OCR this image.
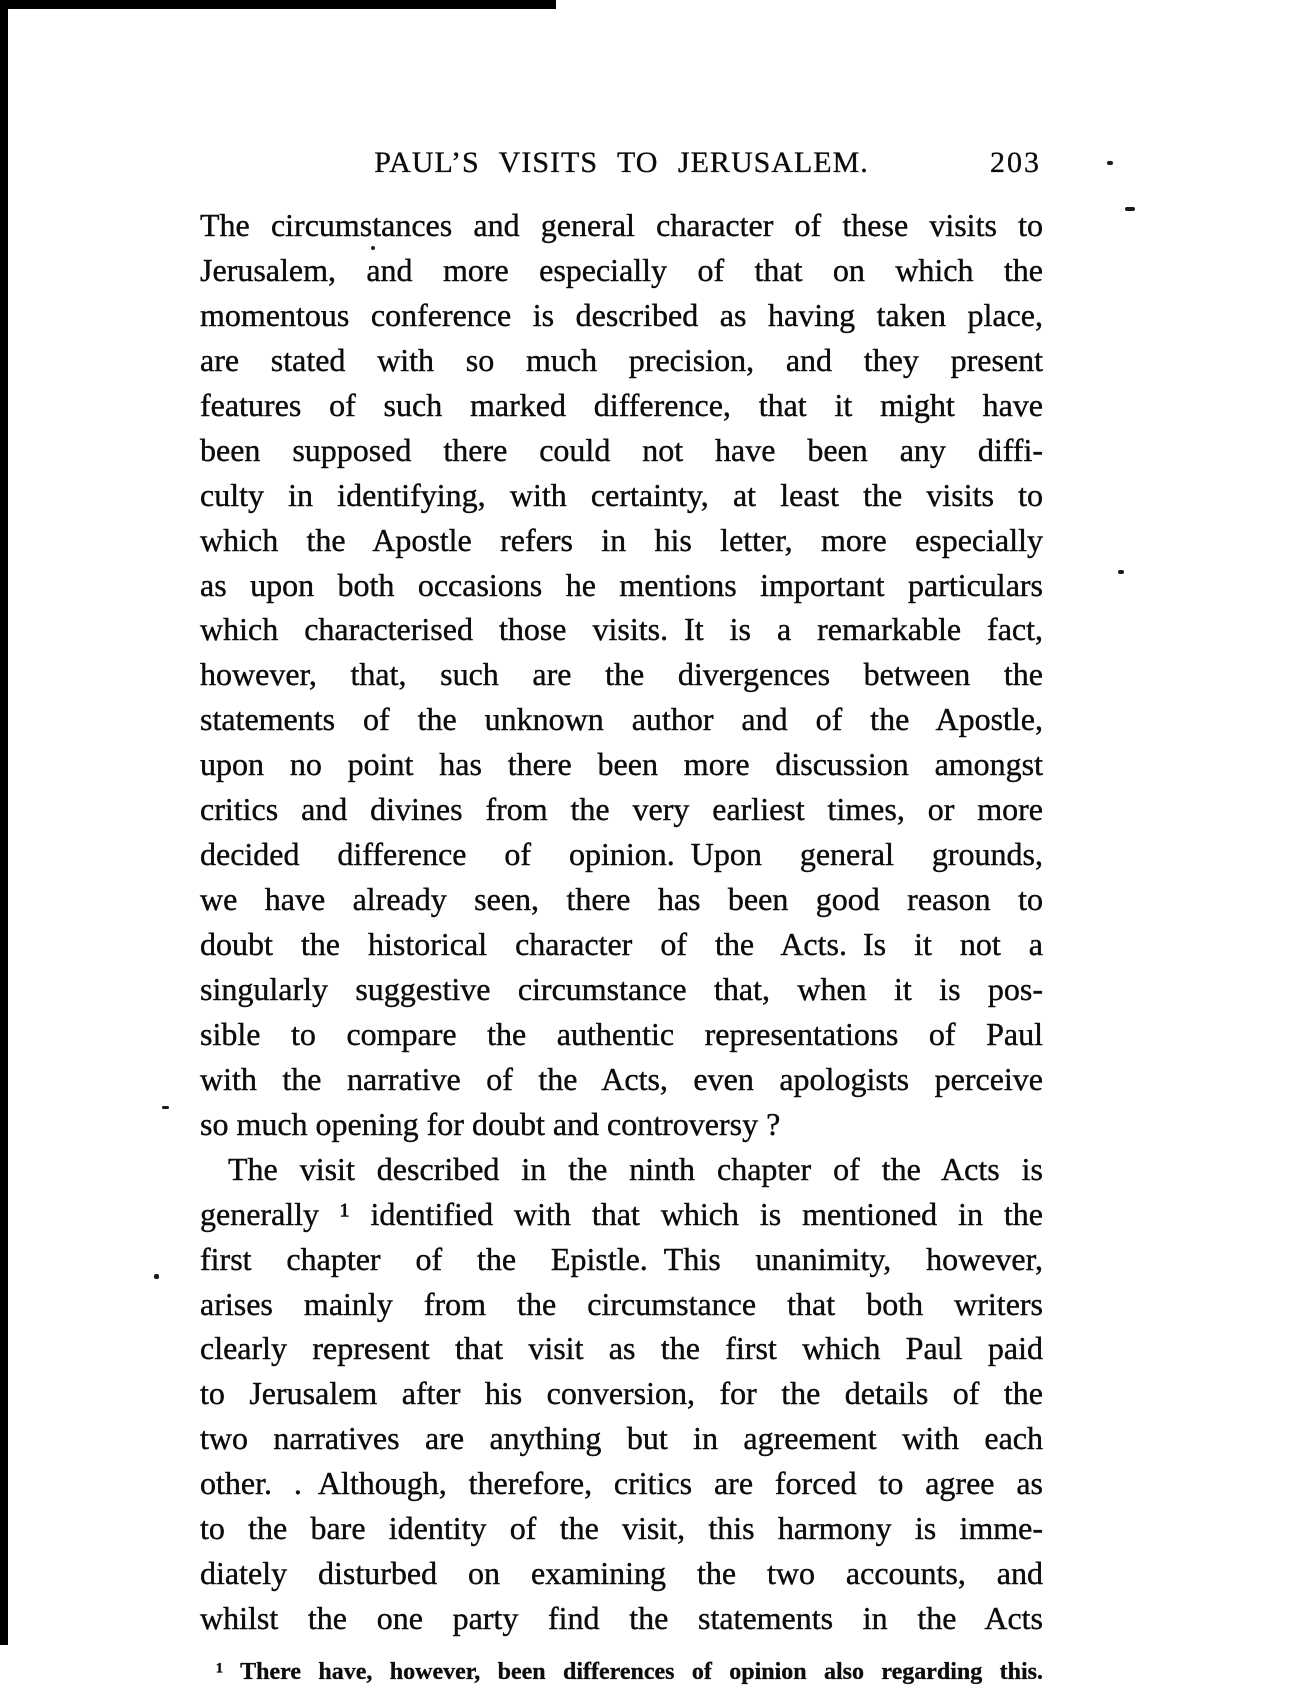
PAUL’S VISITS TO JERUSALEM.	203
The circumstances and general character of these visits to
Jerusalem, and more especially of that on which the
momentous conference is described as having taken place,
are stated with so much precision, and they present
features of such marked difference, that it might have
been supposed there could not have been any diffi-
culty in identifying, with certainty, at least the visits to
which the Apostle refers in his letter, more especially
as upon both occasions he mentions important particulars
which characterised those visits. It is a remarkable fact,
however, that, such are the divergences between the
statements of the unknown author and of the Apostle,
upon no point has there been more discussion amongst
critics and divines from the very earliest times, or more
decided difference of opinion. Upon general grounds,
we have already seen, there has been good reason to
doubt the historical character of the Acts. Is it not a
singularly suggestive circumstance that, when it is pos-
sible to compare the authentic representations of Paul
with the narrative of the Acts, even apologists perceive
so much opening for doubt and controversy ?
The visit described in the ninth chapter of the Acts is
generally ¹ identified with that which is mentioned in the
first chapter of the Epistle. This unanimity, however,
arises mainly from the circumstance that both writers
clearly represent that visit as the first which Paul paid
to Jerusalem after his conversion, for the details of the
two narratives are anything but in agreement with each
other. . Although, therefore, critics are forced to agree as
to the bare identity of the visit, this harmony is imme-
diately disturbed on examining the two accounts, and
whilst the one party find the statements in the Acts
¹ There have, however, been differences of opinion also regarding this.
